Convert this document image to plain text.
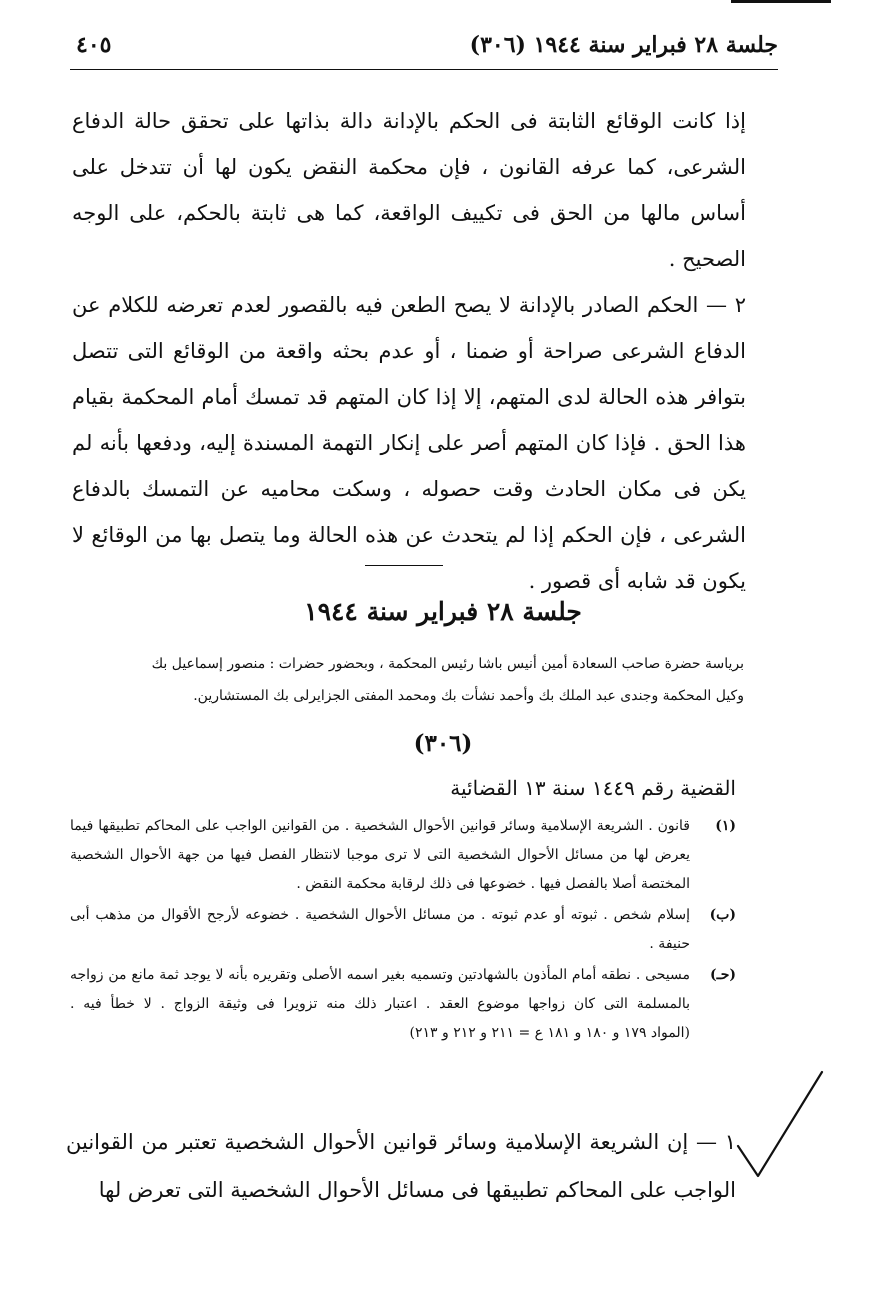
جلسة ٢٨ فبراير سنة ١٩٤٤ (٣٠٦)
٤٠٥

إذا كانت الوقائع الثابتة فى الحكم بالإدانة دالة بذاتها على تحقق حالة الدفاع الشرعى، كما عرفه القانون ، فإن محكمة النقض يكون لها أن تتدخل على أساس مالها من الحق فى تكييف الواقعة، كما هى ثابتة بالحكم، على الوجه الصحيح .

٢ — الحكم الصادر بالإدانة لا يصح الطعن فيه بالقصور لعدم تعرضه للكلام عن الدفاع الشرعى صراحة أو ضمنا ، أو عدم بحثه واقعة من الوقائع التى تتصل بتوافر هذه الحالة لدى المتهم، إلا إذا كان المتهم قد تمسك أمام المحكمة بقيام هذا الحق . فإذا كان المتهم أصر على إنكار التهمة المسندة إليه، ودفعها بأنه لم يكن فى مكان الحادث وقت حصوله ، وسكت محاميه عن التمسك بالدفاع الشرعى ، فإن الحكم إذا لم يتحدث عن هذه الحالة وما يتصل بها من الوقائع لا يكون قد شابه أى قصور .

جلسة ٢٨ فبراير سنة ١٩٤٤

برياسة حضرة صاحب السعادة أمين أنيس باشا رئيس المحكمة ، وبحضور حضرات : منصور إسماعيل بك

وكيل المحكمة وجندى عبد الملك بك وأحمد نشأت بك ومحمد المفتى الجزايرلى بك المستشارين.

(٣٠٦)
القضية رقم ١٤٤٩ سنة ١٣ القضائية
(١)
قانون . الشريعة الإسلامية وسائر قوانين الأحوال الشخصية . من القوانين الواجب على المحاكم تطبيقها فيما يعرض لها من مسائل الأحوال الشخصية التى لا ترى موجبا لانتظار الفصل فيها من جهة الأحوال الشخصية المختصة أصلا بالفصل فيها . خضوعها فى ذلك لرقابة محكمة النقض .
(ب)
إسلام شخص . ثبوته أو عدم ثبوته . من مسائل الأحوال الشخصية . خضوعه لأرجح الأقوال من مذهب أبى حنيفة .
(حـ)
مسيحى . نطقه أمام المأذون بالشهادتين وتسميه بغير اسمه الأصلى وتقريره بأنه لا يوجد ثمة مانع من زواجه بالمسلمة التى كان زواجها موضوع العقد . اعتبار ذلك منه تزويرا فى وثيقة الزواج . لا خطأ فيه . (المواد ١٧٩ و ١٨٠ و ١٨١ ع = ٢١١ و ٢١٢ و ٢١٣)

١ — إن الشريعة الإسلامية وسائر قوانين الأحوال الشخصية تعتبر من القوانين الواجب على المحاكم تطبيقها فى مسائل الأحوال الشخصية التى تعرض لها
